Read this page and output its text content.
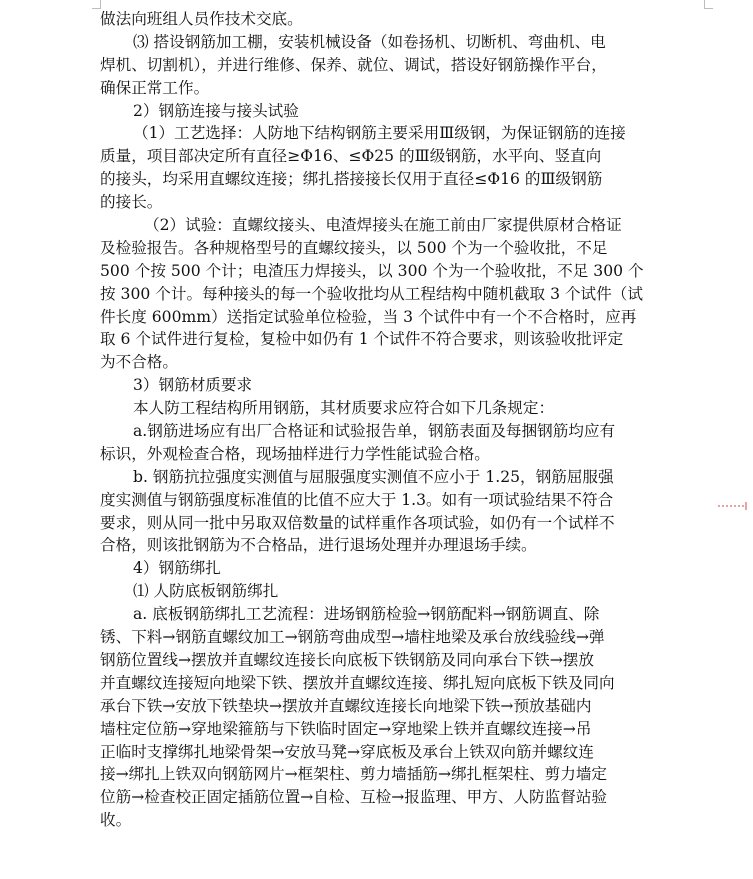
做法向班组人员作技术交底。
⑶ 搭设钢筋加工棚，安装机械设备（如卷扬机、切断机、弯曲机、电
焊机、切割机），并进行维修、保养、就位、调试，搭设好钢筋操作平台，
确保正常工作。
2）钢筋连接与接头试验
（1）工艺选择：人防地下结构钢筋主要采用Ⅲ级钢，为保证钢筋的连接
质量，项目部决定所有直径≥Φ16、≤Φ25 的Ⅲ级钢筋，水平向、竖直向
的接头，均采用直螺纹连接；绑扎搭接接长仅用于直径≤Φ16 的Ⅲ级钢筋
的接长。
（2）试验：直螺纹接头、电渣焊接头在施工前由厂家提供原材合格证
及检验报告。各种规格型号的直螺纹接头，以 500 个为一个验收批，不足
500 个按 500 个计；电渣压力焊接头，以 300 个为一个验收批，不足 300 个
按 300 个计。每种接头的每一个验收批均从工程结构中随机截取 3 个试件（试
件长度 600mm）送指定试验单位检验，当 3 个试件中有一个不合格时，应再
取 6 个试件进行复检，复检中如仍有 1 个试件不符合要求，则该验收批评定
为不合格。
3）钢筋材质要求
本人防工程结构所用钢筋，其材质要求应符合如下几条规定：
a.钢筋进场应有出厂合格证和试验报告单，钢筋表面及每捆钢筋均应有
标识，外观检查合格，现场抽样进行力学性能试验合格。
b. 钢筋抗拉强度实测值与屈服强度实测值不应小于 1.25，钢筋屈服强
度实测值与钢筋强度标准值的比值不应大于 1.3。如有一项试验结果不符合
要求，则从同一批中另取双倍数量的试样重作各项试验，如仍有一个试样不
合格，则该批钢筋为不合格品，进行退场处理并办理退场手续。
4）钢筋绑扎
⑴ 人防底板钢筋绑扎
a. 底板钢筋绑扎工艺流程：进场钢筋检验→钢筋配料→钢筋调直、除
锈、下料→钢筋直螺纹加工→钢筋弯曲成型→墙柱地梁及承台放线验线→弹
钢筋位置线→摆放并直螺纹连接长向底板下铁钢筋及同向承台下铁→摆放
并直螺纹连接短向地梁下铁、摆放并直螺纹连接、绑扎短向底板下铁及同向
承台下铁→安放下铁垫块→摆放并直螺纹连接长向地梁下铁→预放基础内
墙柱定位筋→穿地梁箍筋与下铁临时固定→穿地梁上铁并直螺纹连接→吊
正临时支撑绑扎地梁骨架→安放马凳→穿底板及承台上铁双向筋并螺纹连
接→绑扎上铁双向钢筋网片→框架柱、剪力墙插筋→绑扎框架柱、剪力墙定
位筋→检查校正固定插筋位置→自检、互检→报监理、甲方、人防监督站验
收。
